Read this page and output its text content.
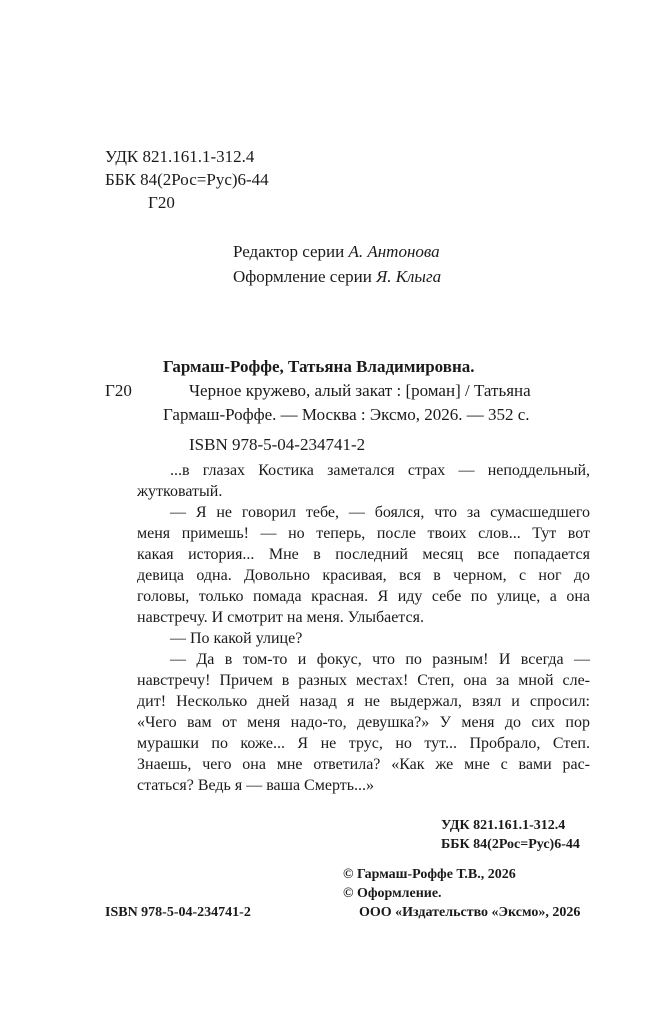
УДК 821.161.1-312.4
ББК 84(2Рос=Рус)6-44
Г20
Редактор серии А. Антонова
Оформление серии Я. Клыга
Гармаш-Роффе, Татьяна Владимировна.
Г20	Черное кружево, алый закат : [роман] / Татьяна
Гармаш-Роффе. — Москва : Эксмо, 2026. — 352 с.
ISBN 978-5-04-234741-2
...в глазах Костика заметался страх — неподдельный,
жутковатый.
— Я не говорил тебе, — боялся, что за сумасшедшего
меня примешь! — но теперь, после твоих слов... Тут вот
какая история... Мне в последний месяц все попадается
девица одна. Довольно красивая, вся в черном, с ног до
головы, только помада красная. Я иду себе по улице, а она
навстречу. И смотрит на меня. Улыбается.
— По какой улице?
— Да в том-то и фокус, что по разным! И всегда —
навстречу! Причем в разных местах! Степ, она за мной сле-
дит! Несколько дней назад я не выдержал, взял и спросил:
«Чего вам от меня надо-то, девушка?» У меня до сих пор
мурашки по коже... Я не трус, но тут... Пробрало, Степ.
Знаешь, чего она мне ответила? «Как же мне с вами рас-
статься? Ведь я — ваша Смерть...»
УДК 821.161.1-312.4
ББК 84(2Рос=Рус)6-44
© Гармаш-Роффе Т.В., 2026
© Оформление.
ООО «Издательство «Эксмо», 2026
ISBN 978-5-04-234741-2
